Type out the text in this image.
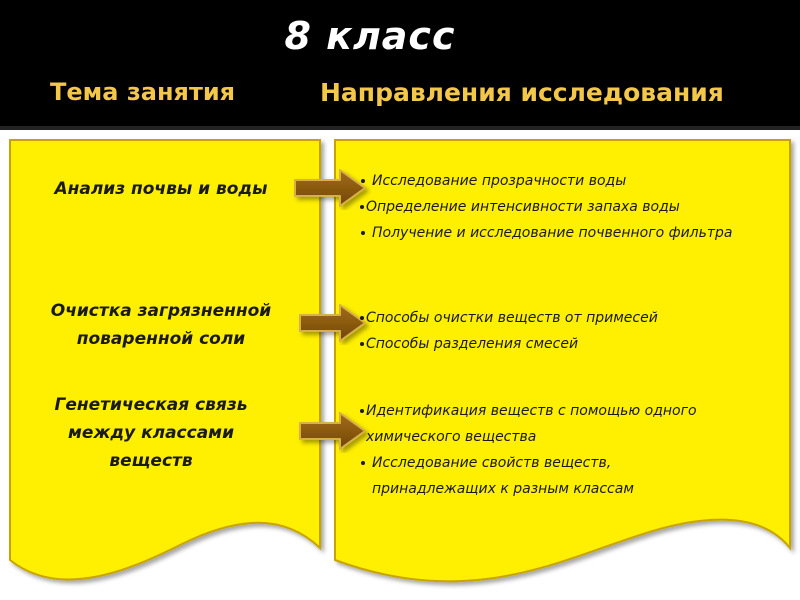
8 класс
Тема занятия	Направления исследования
Анализ почвы и воды
Очистка загрязненной
поваренной соли
Генетическая связь
между классами
веществ
Исследование прозрачности воды
Определение интенсивности запаха воды
Получение и исследование почвенного фильтра
Способы очистки веществ от примесей
Способы разделения смесей
Идентификация веществ с помощью одного химического вещества
Исследование свойств веществ, принадлежащих к разным классам
